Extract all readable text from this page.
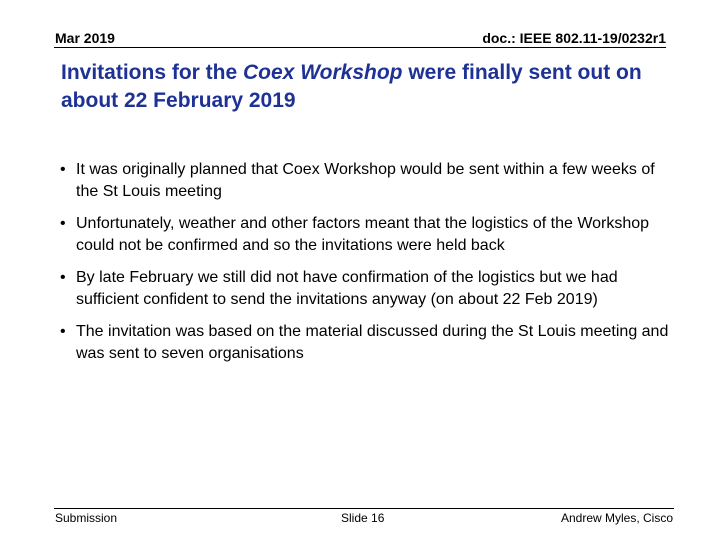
Mar 2019	doc.: IEEE 802.11-19/0232r1
Invitations for the Coex Workshop were finally sent out on about 22 February 2019
• It was originally planned that Coex Workshop would be sent within a few weeks of the St Louis meeting
• Unfortunately, weather and other factors meant that the logistics of the Workshop could not be confirmed and so the invitations were held back
• By late February we still did not have confirmation of the logistics but we had sufficient confident to send the invitations anyway (on about 22 Feb 2019)
• The invitation was based on the material discussed during the St Louis meeting and was sent to seven organisations
Submission	Slide 16	Andrew Myles, Cisco
